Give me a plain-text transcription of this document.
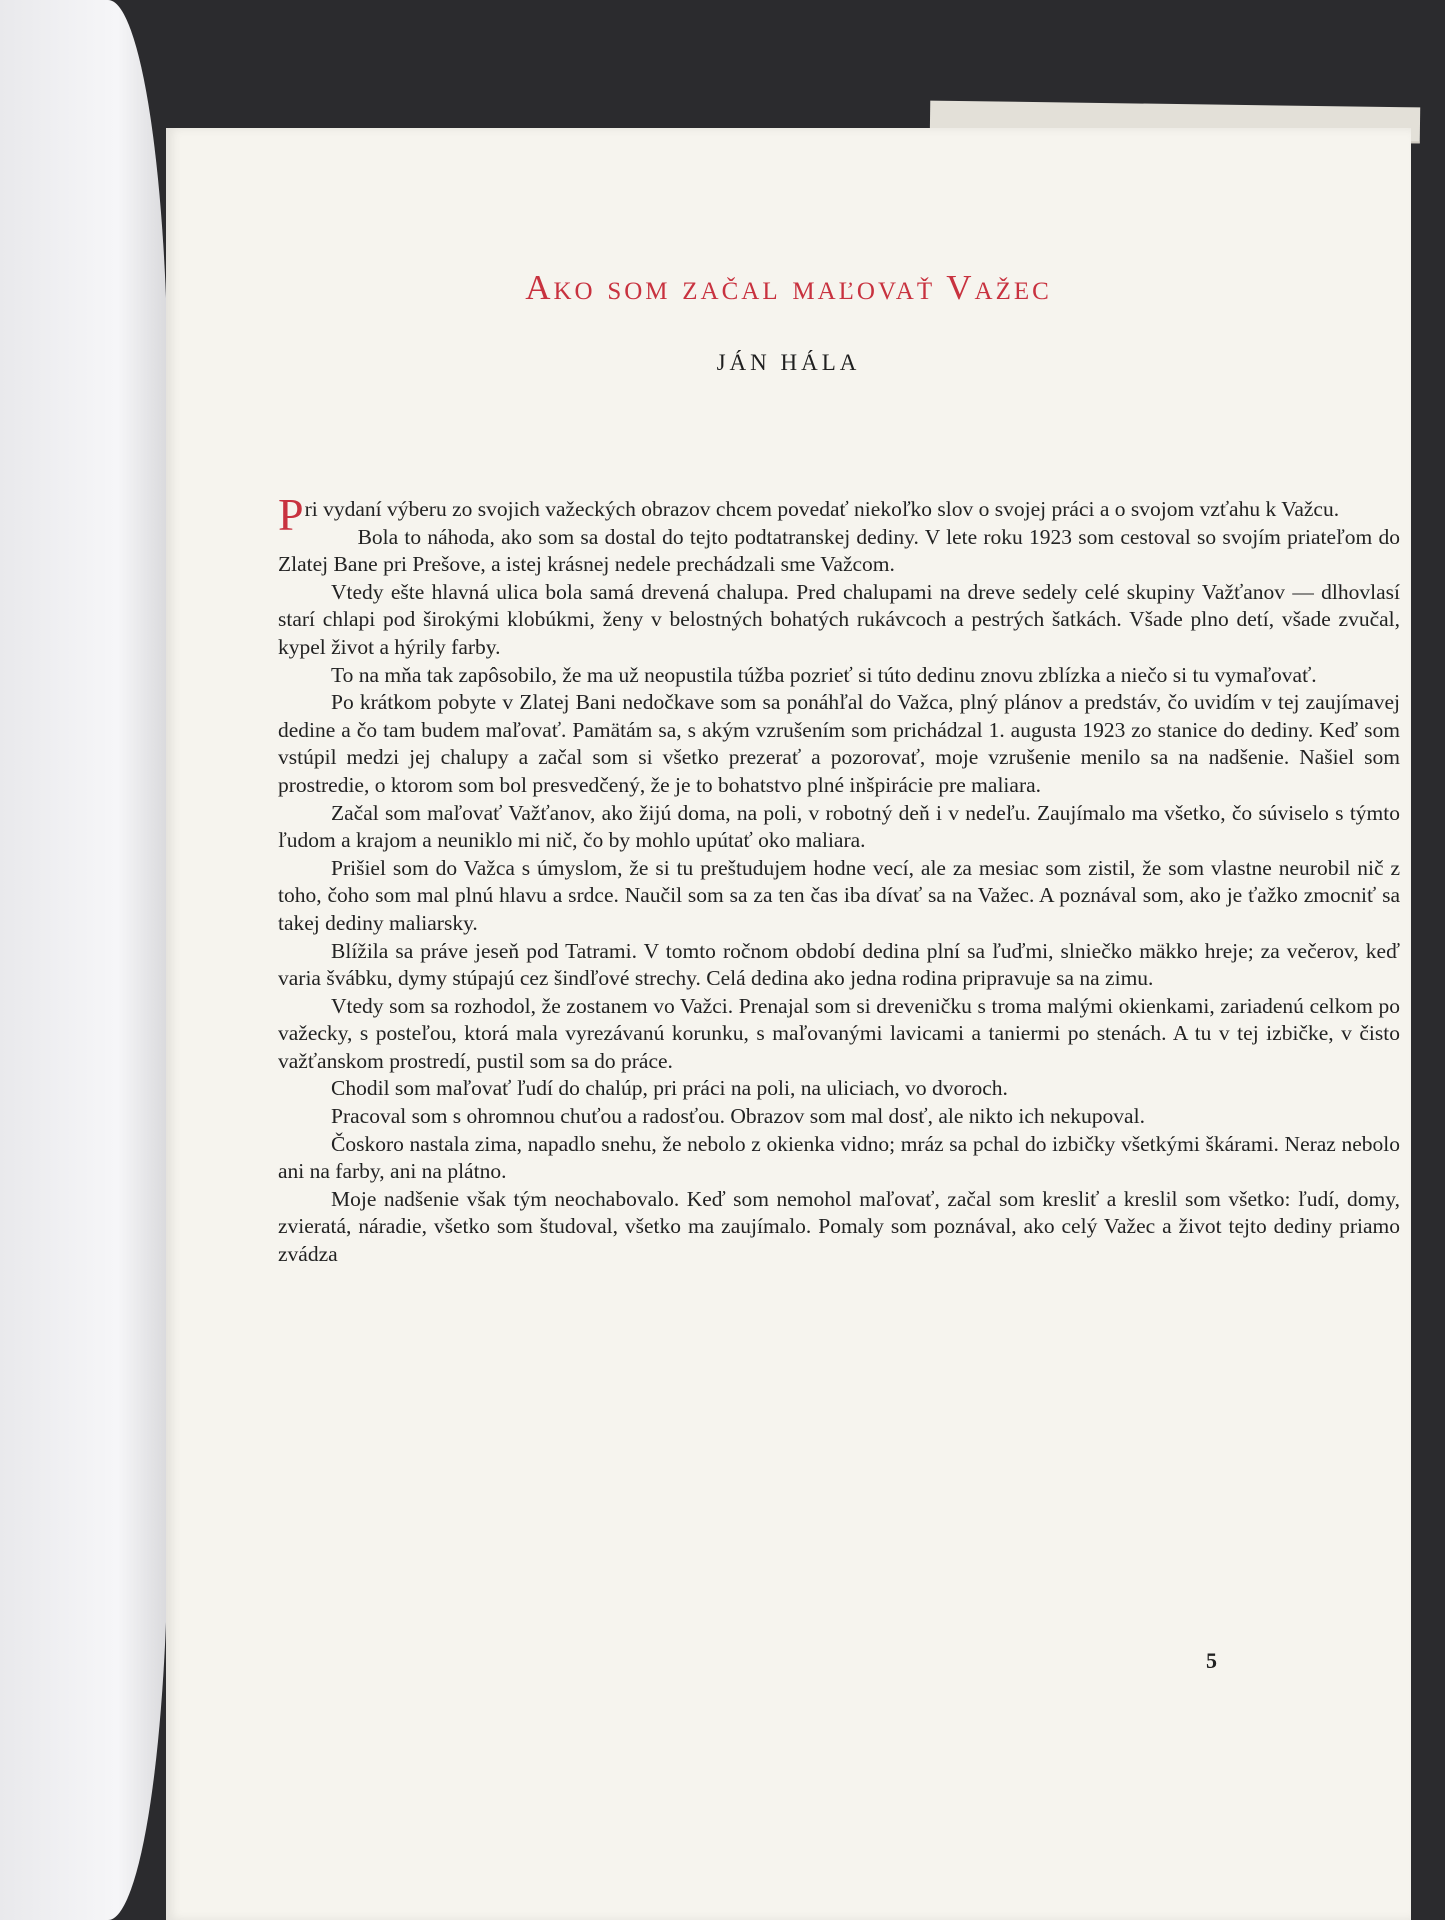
Ako som začal maľovať Važec
JÁN HÁLA

Pri vydaní výberu zo svojich važeckých obrazov chcem povedať niekoľko slov o svojej práci a o svojom vzťahu k Važcu.

Bola to náhoda, ako som sa dostal do tejto podtatranskej dediny. V lete roku 1923 som cestoval so svojím priateľom do Zlatej Bane pri Prešove, a istej krásnej nedele prechádzali sme Važcom.

Vtedy ešte hlavná ulica bola samá drevená chalupa. Pred chalupami na dreve sedely celé skupiny Važťanov — dlhovlasí starí chlapi pod širokými klobúkmi, ženy v belostných bohatých rukávcoch a pestrých šatkách. Všade plno detí, všade zvučal, kypel život a hýrily farby.

To na mňa tak zapôsobilo, že ma už neopustila túžba pozrieť si túto dedinu znovu zblízka a niečo si tu vymaľovať.

Po krátkom pobyte v Zlatej Bani nedočkave som sa ponáhľal do Važca, plný plánov a predstáv, čo uvidím v tej zaujímavej dedine a čo tam budem maľovať. Pamätám sa, s akým vzrušením som prichádzal 1. augusta 1923 zo stanice do dediny. Keď som vstúpil medzi jej chalupy a začal som si všetko prezerať a pozorovať, moje vzrušenie menilo sa na nadšenie. Našiel som prostredie, o ktorom som bol presvedčený, že je to bohatstvo plné inšpirácie pre maliara.

Začal som maľovať Važťanov, ako žijú doma, na poli, v robotný deň i v nedeľu. Zaujímalo ma všetko, čo súviselo s týmto ľudom a krajom a neuniklo mi nič, čo by mohlo upútať oko maliara.

Prišiel som do Važca s úmyslom, že si tu preštudujem hodne vecí, ale za mesiac som zistil, že som vlastne neurobil nič z toho, čoho som mal plnú hlavu a srdce. Naučil som sa za ten čas iba dívať sa na Važec. A poznával som, ako je ťažko zmocniť sa takej dediny maliarsky.

Blížila sa práve jeseň pod Tatrami. V tomto ročnom období dedina plní sa ľuďmi, slniečko mäkko hreje; za večerov, keď varia švábku, dymy stúpajú cez šindľové strechy. Celá dedina ako jedna rodina pripravuje sa na zimu.

Vtedy som sa rozhodol, že zostanem vo Važci. Prenajal som si dreveničku s troma malými okienkami, zariadenú celkom po važecky, s posteľou, ktorá mala vyrezávanú korunku, s maľovanými lavicami a taniermi po stenách. A tu v tej izbičke, v čisto važťanskom prostredí, pustil som sa do práce.

Chodil som maľovať ľudí do chalúp, pri práci na poli, na uliciach, vo dvoroch.

Pracoval som s ohromnou chuťou a radosťou. Obrazov som mal dosť, ale nikto ich nekupoval.

Čoskoro nastala zima, napadlo snehu, že nebolo z okienka vidno; mráz sa pchal do izbičky všetkými škárami. Neraz nebolo ani na farby, ani na plátno.

Moje nadšenie však tým neochabovalo. Keď som nemohol maľovať, začal som kresliť a kreslil som všetko: ľudí, domy, zvieratá, náradie, všetko som študoval, všetko ma zaujímalo. Pomaly som poznával, ako celý Važec a život tejto dediny priamo zvádza

5
